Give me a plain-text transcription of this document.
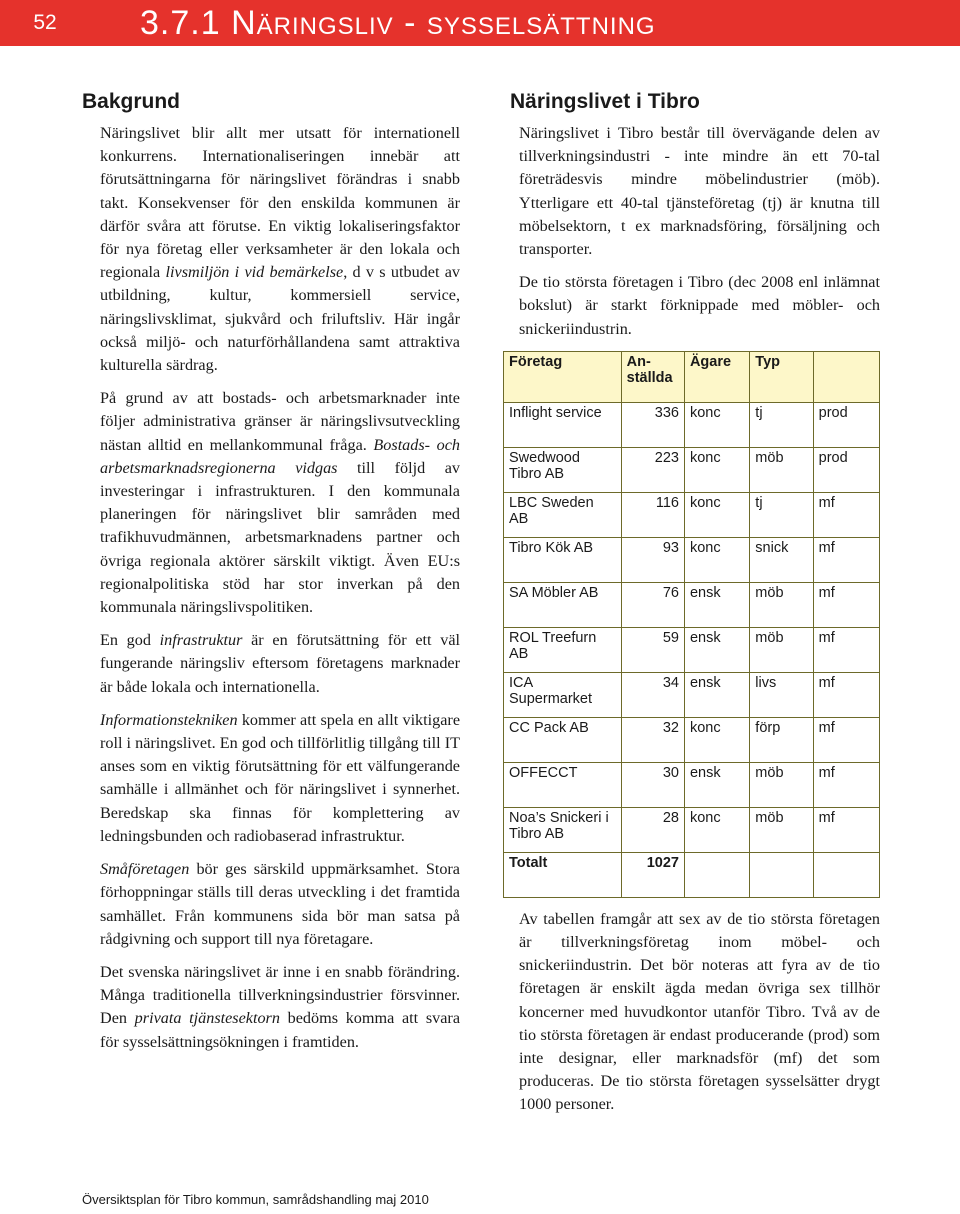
52	3.7.1 Näringsliv - sysselsättning
Bakgrund

Näringslivet blir allt mer utsatt för internationell konkurrens. Internationaliseringen innebär att förutsättningarna för näringslivet förändras i snabb takt. Konsekvenser för den enskilda kommunen är därför svåra att förutse. En viktig lokaliseringsfaktor för nya företag eller verksamheter är den lokala och regionala livsmiljön i vid bemärkelse, d v s utbudet av utbildning, kultur, kommersiell service, näringslivsklimat, sjukvård och friluftsliv. Här ingår också miljö- och naturförhållandena samt attraktiva kulturella särdrag.

På grund av att bostads- och arbetsmarknader inte följer administrativa gränser är näringslivsutveckling nästan alltid en mellankommunal fråga. Bostads- och arbetsmarknadsregionerna vidgas till följd av investeringar i infrastrukturen. I den kommunala planeringen för näringslivet blir samråden med trafikhuvudmännen, arbetsmarknadens partner och övriga regionala aktörer särskilt viktigt. Även EU:s regionalpolitiska stöd har stor inverkan på den kommunala näringslivspolitiken.

En god infrastruktur är en förutsättning för ett väl fungerande näringsliv eftersom företagens marknader är både lokala och internationella.

Informationstekniken kommer att spela en allt viktigare roll i näringslivet. En god och tillförlitlig tillgång till IT anses som en viktig förutsättning för ett välfungerande samhälle i allmänhet och för näringslivet i synnerhet. Beredskap ska finnas för komplettering av ledningsbunden och radiobaserad infrastruktur.

Småföretagen bör ges särskild uppmärksamhet. Stora förhoppningar ställs till deras utveckling i det framtida samhället. Från kommunens sida bör man satsa på rådgivning och support till nya företagare.

Det svenska näringslivet är inne i en snabb förändring. Många traditionella tillverkningsindustrier försvinner. Den privata tjänstesektorn bedöms komma att svara för sysselsättningsökningen i framtiden.

Näringslivet i Tibro

Näringslivet i Tibro består till övervägande delen av tillverkningsindustri - inte mindre än ett 70-tal företrädesvis mindre möbelindustrier (möb). Ytterligare ett 40-tal tjänsteföretag (tj) är knutna till möbelsektorn, t ex marknadsföring, försäljning och transporter.

De tio största företagen i Tibro (dec 2008 enl inlämnat bokslut) är starkt förknippade med möbler- och snickeriindustrin.

Företag	An-ställda	Ägare	Typ	
Inflight service	336	konc	tj	prod
Swedwood Tibro AB	223	konc	möb	prod
LBC Sweden AB	116	konc	tj	mf
Tibro Kök AB	93	konc	snick	mf
SA Möbler AB	76	ensk	möb	mf
ROL Treefurn AB	59	ensk	möb	mf
ICA Supermarket	34	ensk	livs	mf
CC Pack AB	32	konc	förp	mf
OFFECCT	30	ensk	möb	mf
Noa’s Snickeri i Tibro AB	28	konc	möb	mf
Totalt	1027			

Av tabellen framgår att sex av de tio största företagen är tillverkningsföretag inom möbel- och snickeriindustrin. Det bör noteras att fyra av de tio företagen är enskilt ägda medan övriga sex tillhör koncerner med huvudkontor utanför Tibro. Två av de tio största företagen är endast producerande (prod) som inte designar, eller marknadsför (mf) det som produceras. De tio största företagen sysselsätter drygt 1000 personer.

Översiktsplan för Tibro kommun, samrådshandling maj 2010
